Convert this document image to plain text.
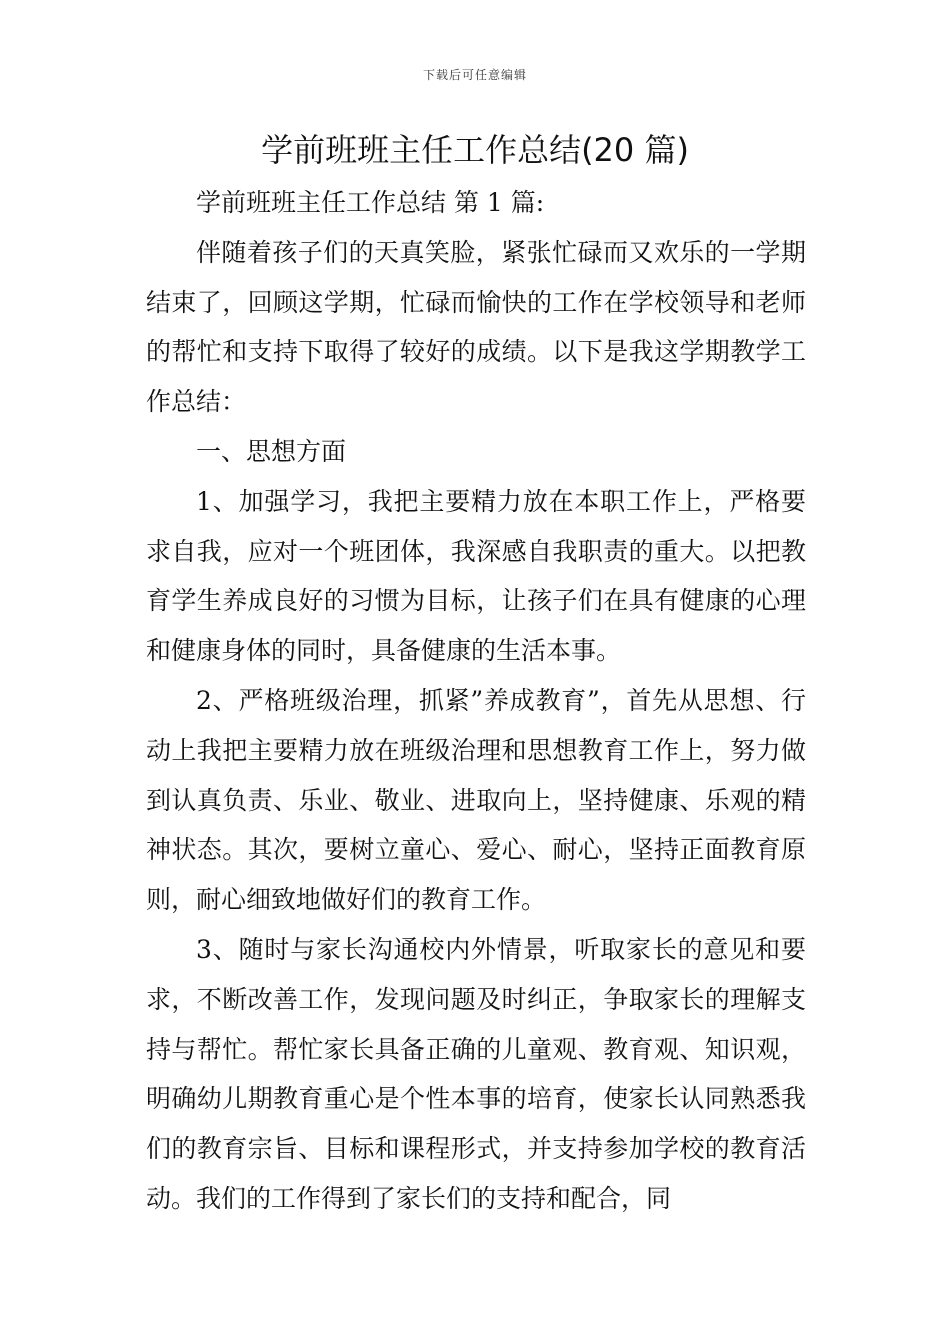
下载后可任意编辑
学前班班主任工作总结(20 篇)

学前班班主任工作总结 第 1 篇:

伴随着孩子们的天真笑脸，紧张忙碌而又欢乐的一学期结束了，回顾这学期，忙碌而愉快的工作在学校领导和老师的帮忙和支持下取得了较好的成绩。以下是我这学期教学工作总结：

一、思想方面

1、加强学习，我把主要精力放在本职工作上，严格要求自我，应对一个班团体，我深感自我职责的重大。以把教育学生养成良好的习惯为目标，让孩子们在具有健康的心理和健康身体的同时，具备健康的生活本事。

2、严格班级治理，抓紧”养成教育”，首先从思想、行动上我把主要精力放在班级治理和思想教育工作上，努力做到认真负责、乐业、敬业、进取向上，坚持健康、乐观的精神状态。其次，要树立童心、爱心、耐心，坚持正面教育原则，耐心细致地做好们的教育工作。

3、随时与家长沟通校内外情景，听取家长的意见和要求，不断改善工作，发现问题及时纠正，争取家长的理解支持与帮忙。帮忙家长具备正确的儿童观、教育观、知识观，明确幼儿期教育重心是个性本事的培育，使家长认同熟悉我们的教育宗旨、目标和课程形式，并支持参加学校的教育活动。我们的工作得到了家长们的支持和配合，同
